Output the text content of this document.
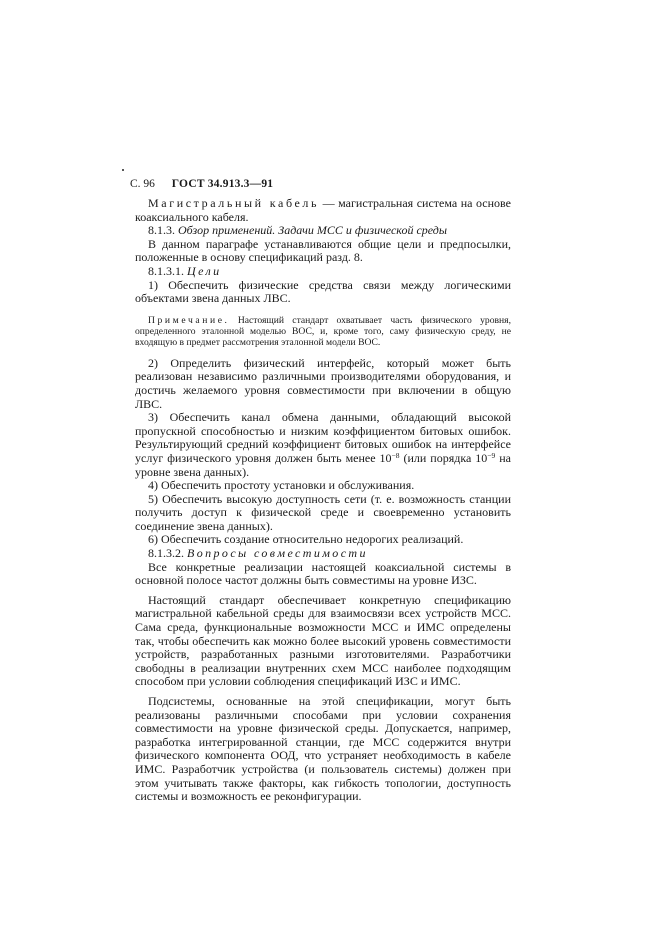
С. 96 ГОСТ 34.913.3—91

Магистральный кабель — магистральная система на основе коаксиального кабеля.

8.1.3. Обзор применений. Задачи МСС и физической среды

В данном параграфе устанавливаются общие цели и предпосылки, положенные в основу спецификаций разд. 8.

8.1.3.1. Цели

1) Обеспечить физические средства связи между логическими объектами звена данных ЛВС.

Примечание. Настоящий стандарт охватывает часть физического уровня, определенного эталонной моделью ВОС, и, кроме того, саму физическую среду, не входящую в предмет рассмотрения эталонной модели ВОС.

2) Определить физический интерфейс, который может быть реализован независимо различными производителями оборудования, и достичь желаемого уровня совместимости при включении в общую ЛВС.

3) Обеспечить канал обмена данными, обладающий высокой пропускной способностью и низким коэффициентом битовых ошибок. Результирующий средний коэффициент битовых ошибок на интерфейсе услуг физического уровня должен быть менее $10^{-8}$ (или порядка $10^{-9}$ на уровне звена данных).

4) Обеспечить простоту установки и обслуживания.

5) Обеспечить высокую доступность сети (т. е. возможность станции получить доступ к физической среде и своевременно установить соединение звена данных).

6) Обеспечить создание относительно недорогих реализаций.

8.1.3.2. Вопросы совместимости

Все конкретные реализации настоящей коаксиальной системы в основной полосе частот должны быть совместимы на уровне ИЗС.

Настоящий стандарт обеспечивает конкретную спецификацию магистральной кабельной среды для взаимосвязи всех устройств МСС. Сама среда, функциональные возможности МСС и ИМС определены так, чтобы обеспечить как можно более высокий уровень совместимости устройств, разработанных разными изготовителями. Разработчики свободны в реализации внутренних схем МСС наиболее подходящим способом при условии соблюдения спецификаций ИЗС и ИМС.

Подсистемы, основанные на этой спецификации, могут быть реализованы различными способами при условии сохранения совместимости на уровне физической среды. Допускается, например, разработка интегрированной станции, где МСС содержится внутри физического компонента ООД, что устраняет необходимость в кабеле ИМС. Разработчик устройства (и пользователь системы) должен при этом учитывать также факторы, как гибкость топологии, доступность системы и возможность ее реконфигурации.
